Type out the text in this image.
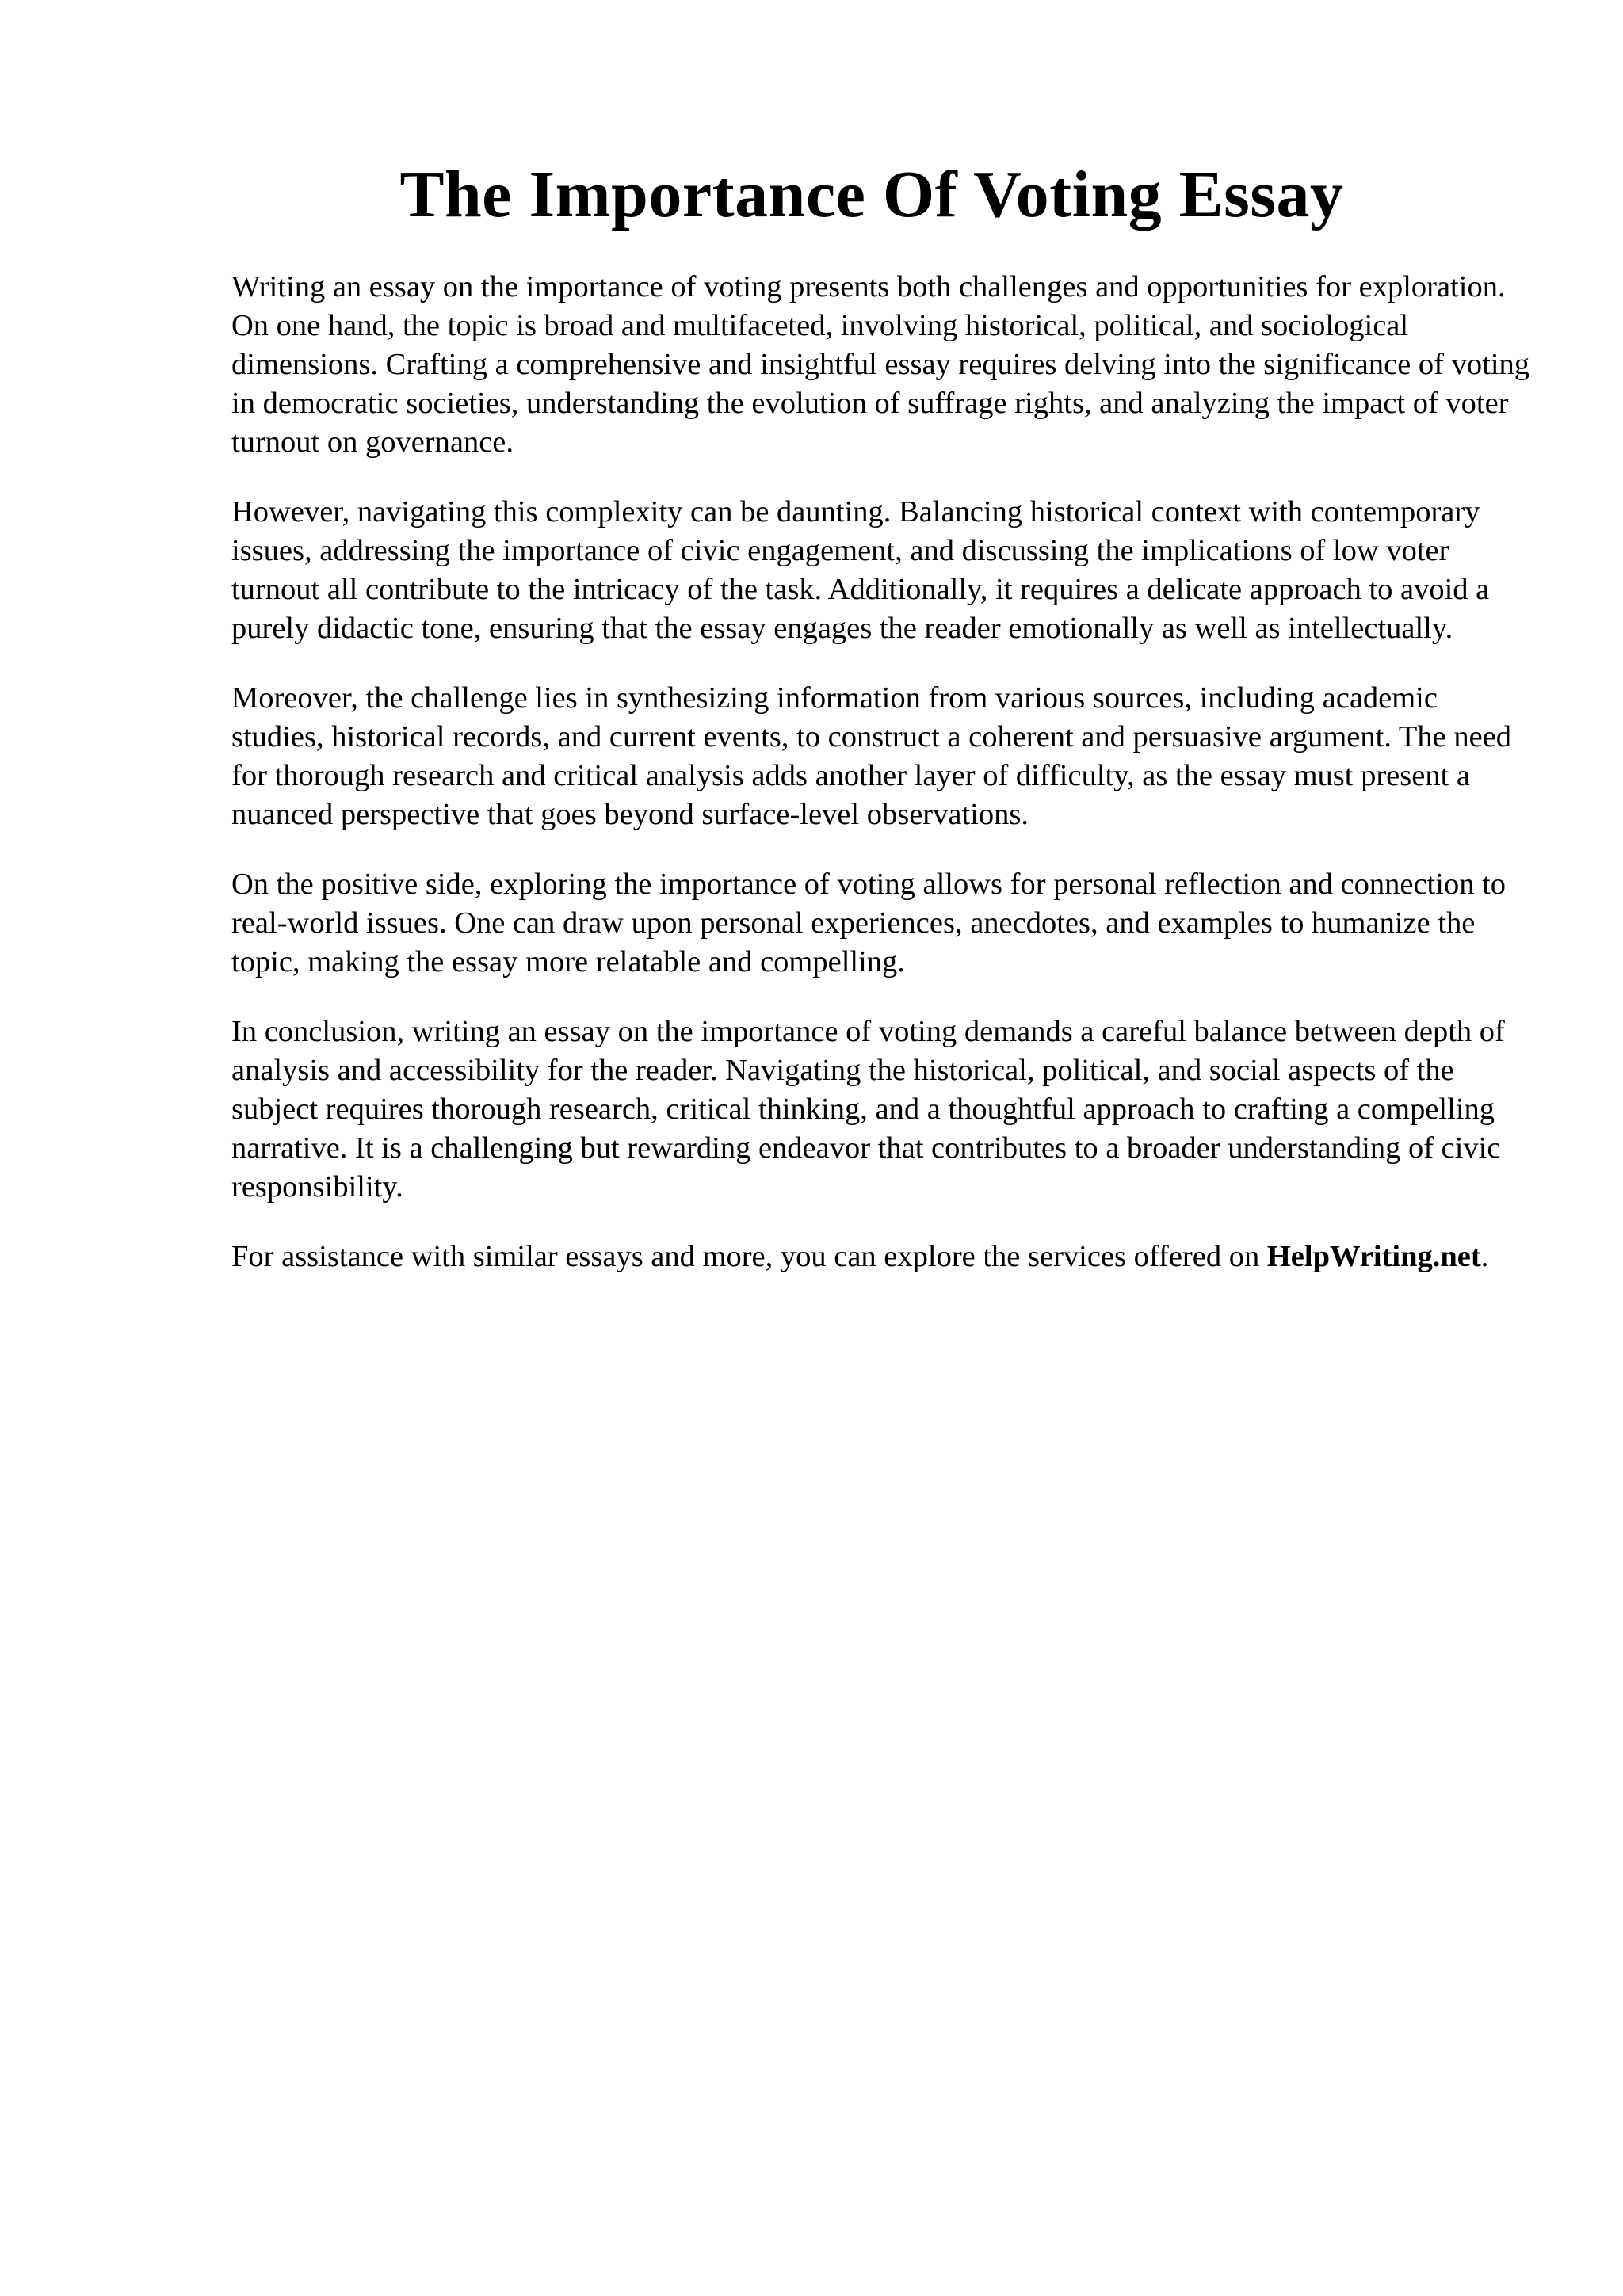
The Importance Of Voting Essay

Writing an essay on the importance of voting presents both challenges and opportunities for exploration. On one hand, the topic is broad and multifaceted, involving historical, political, and sociological dimensions. Crafting a comprehensive and insightful essay requires delving into the significance of voting in democratic societies, understanding the evolution of suffrage rights, and analyzing the impact of voter turnout on governance.

However, navigating this complexity can be daunting. Balancing historical context with contemporary issues, addressing the importance of civic engagement, and discussing the implications of low voter turnout all contribute to the intricacy of the task. Additionally, it requires a delicate approach to avoid a purely didactic tone, ensuring that the essay engages the reader emotionally as well as intellectually.

Moreover, the challenge lies in synthesizing information from various sources, including academic studies, historical records, and current events, to construct a coherent and persuasive argument. The need for thorough research and critical analysis adds another layer of difficulty, as the essay must present a nuanced perspective that goes beyond surface-level observations.

On the positive side, exploring the importance of voting allows for personal reflection and connection to real-world issues. One can draw upon personal experiences, anecdotes, and examples to humanize the topic, making the essay more relatable and compelling.

In conclusion, writing an essay on the importance of voting demands a careful balance between depth of analysis and accessibility for the reader. Navigating the historical, political, and social aspects of the subject requires thorough research, critical thinking, and a thoughtful approach to crafting a compelling narrative. It is a challenging but rewarding endeavor that contributes to a broader understanding of civic responsibility.

For assistance with similar essays and more, you can explore the services offered on HelpWriting.net.
